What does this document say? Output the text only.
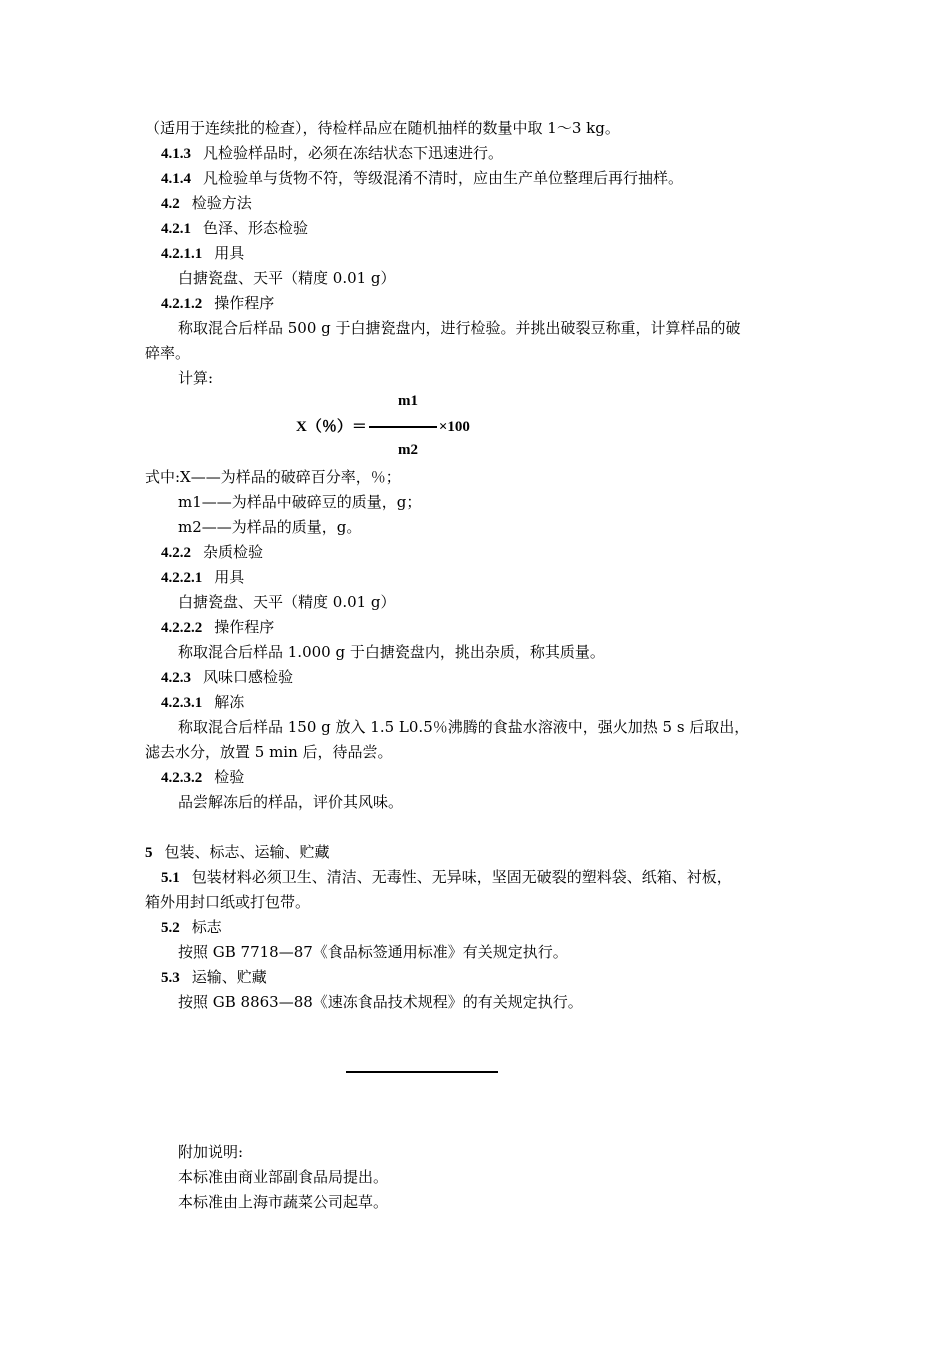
（适用于连续批的检查），待检样品应在随机抽样的数量中取 1～3 kg。
4.1.3 凡检验样品时，必须在冻结状态下迅速进行。
4.1.4 凡检验单与货物不符，等级混淆不清时，应由生产单位整理后再行抽样。
4.2 检验方法
4.2.1 色泽、形态检验
4.2.1.1 用具
白搪瓷盘、天平（精度 0.01 g）
4.2.1.2 操作程序
称取混合后样品 500 g 于白搪瓷盘内，进行检验。并挑出破裂豆称重，计算样品的破
碎率。
计算:
m1
X（％）＝	×100
m2
式中:X——为样品的破碎百分率，％；
m1——为样品中破碎豆的质量，g；
m2——为样品的质量，g。
4.2.2 杂质检验
4.2.2.1 用具
白搪瓷盘、天平（精度 0.01 g）
4.2.2.2 操作程序
称取混合后样品 1.000 g 于白搪瓷盘内，挑出杂质，称其质量。
4.2.3 风味口感检验
4.2.3.1 解冻
称取混合后样品 150 g 放入 1.5 L0.5％沸腾的食盐水溶液中，强火加热 5 s 后取出，
滤去水分，放置 5 min 后，待品尝。
4.2.3.2 检验
品尝解冻后的样品，评价其风味。
5 包装、标志、运输、贮藏
5.1 包装材料必须卫生、清洁、无毒性、无异味，坚固无破裂的塑料袋、纸箱、衬板，
箱外用封口纸或打包带。
5.2 标志
按照 GB 7718—87《食品标签通用标准》有关规定执行。
5.3 运输、贮藏
按照 GB 8863—88《速冻食品技术规程》的有关规定执行。
附加说明:
本标准由商业部副食品局提出。
本标准由上海市蔬菜公司起草。
